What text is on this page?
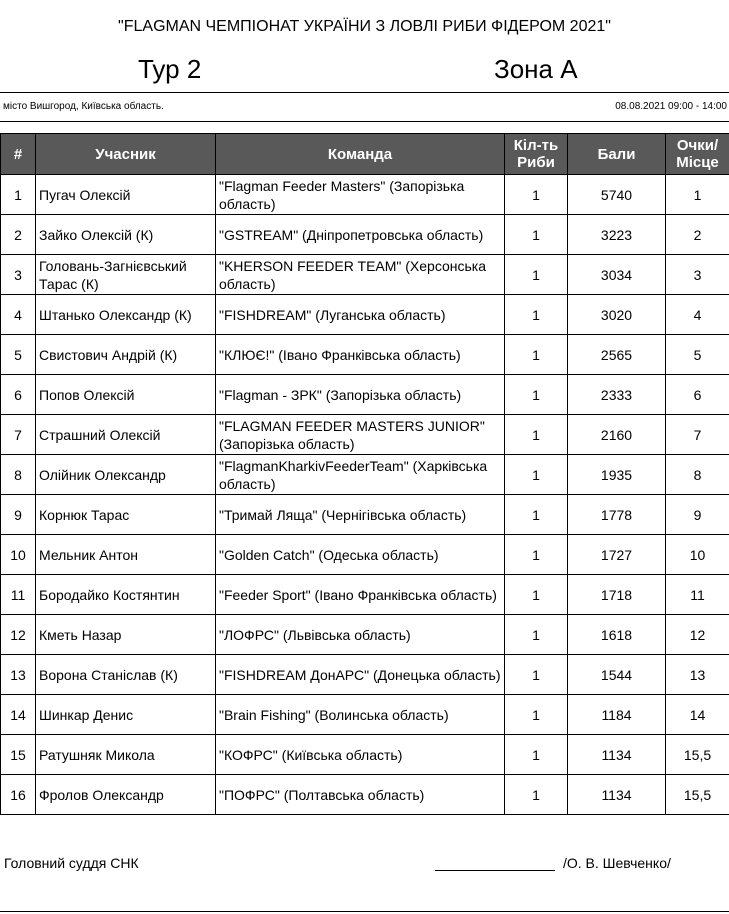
"FLAGMAN ЧЕМПІОНАТ УКРАЇНИ З ЛОВЛІ РИБИ ФІДЕРОМ 2021"
Тур 2	Зона А
місто Вишгород, Київська область.	08.08.2021 09:00 - 14:00
#	Учасник	Команда	Кіл-ть Риби	Бали	Очки/ Місце
1	Пугач Олексій	"Flagman Feeder Masters" (Запорізька область)	1	5740	1
2	Зайко Олексій (К)	"GSTREAM" (Дніпропетровська область)	1	3223	2
3	Головань-Загнієвський Тарас (К)	"KHERSON FEEDER TEAM" (Херсонська область)	1	3034	3
4	Штанько Олександр (К)	"FISHDREAM" (Луганська область)	1	3020	4
5	Свистович Андрій (К)	"КЛЮЄ!" (Івано Франківська область)	1	2565	5
6	Попов Олексій	"Flagman - ЗРК" (Запорізька область)	1	2333	6
7	Страшний Олексій	"FLAGMAN FEEDER MASTERS JUNIOR" (Запорізька область)	1	2160	7
8	Олійник Олександр	"FlagmanKharkivFeederTeam" (Харківська область)	1	1935	8
9	Корнюк Тарас	"Тримай Ляща" (Чернігівська область)	1	1778	9
10	Мельник Антон	"Golden Catch" (Одеська область)	1	1727	10
11	Бородайко Костянтин	"Feeder Sport" (Івано Франківська область)	1	1718	11
12	Кметь Назар	"ЛОФРС" (Львівська область)	1	1618	12
13	Ворона Станіслав (К)	"FISHDREAM ДонАРС" (Донецька область)	1	1544	13
14	Шинкар Денис	"Brain Fishing" (Волинська область)	1	1184	14
15	Ратушняк Микола	"КОФРС" (Київська область)	1	1134	15,5
16	Фролов Олександр	"ПОФРС" (Полтавська область)	1	1134	15,5
Головний суддя СНК	/О. В. Шевченко/
